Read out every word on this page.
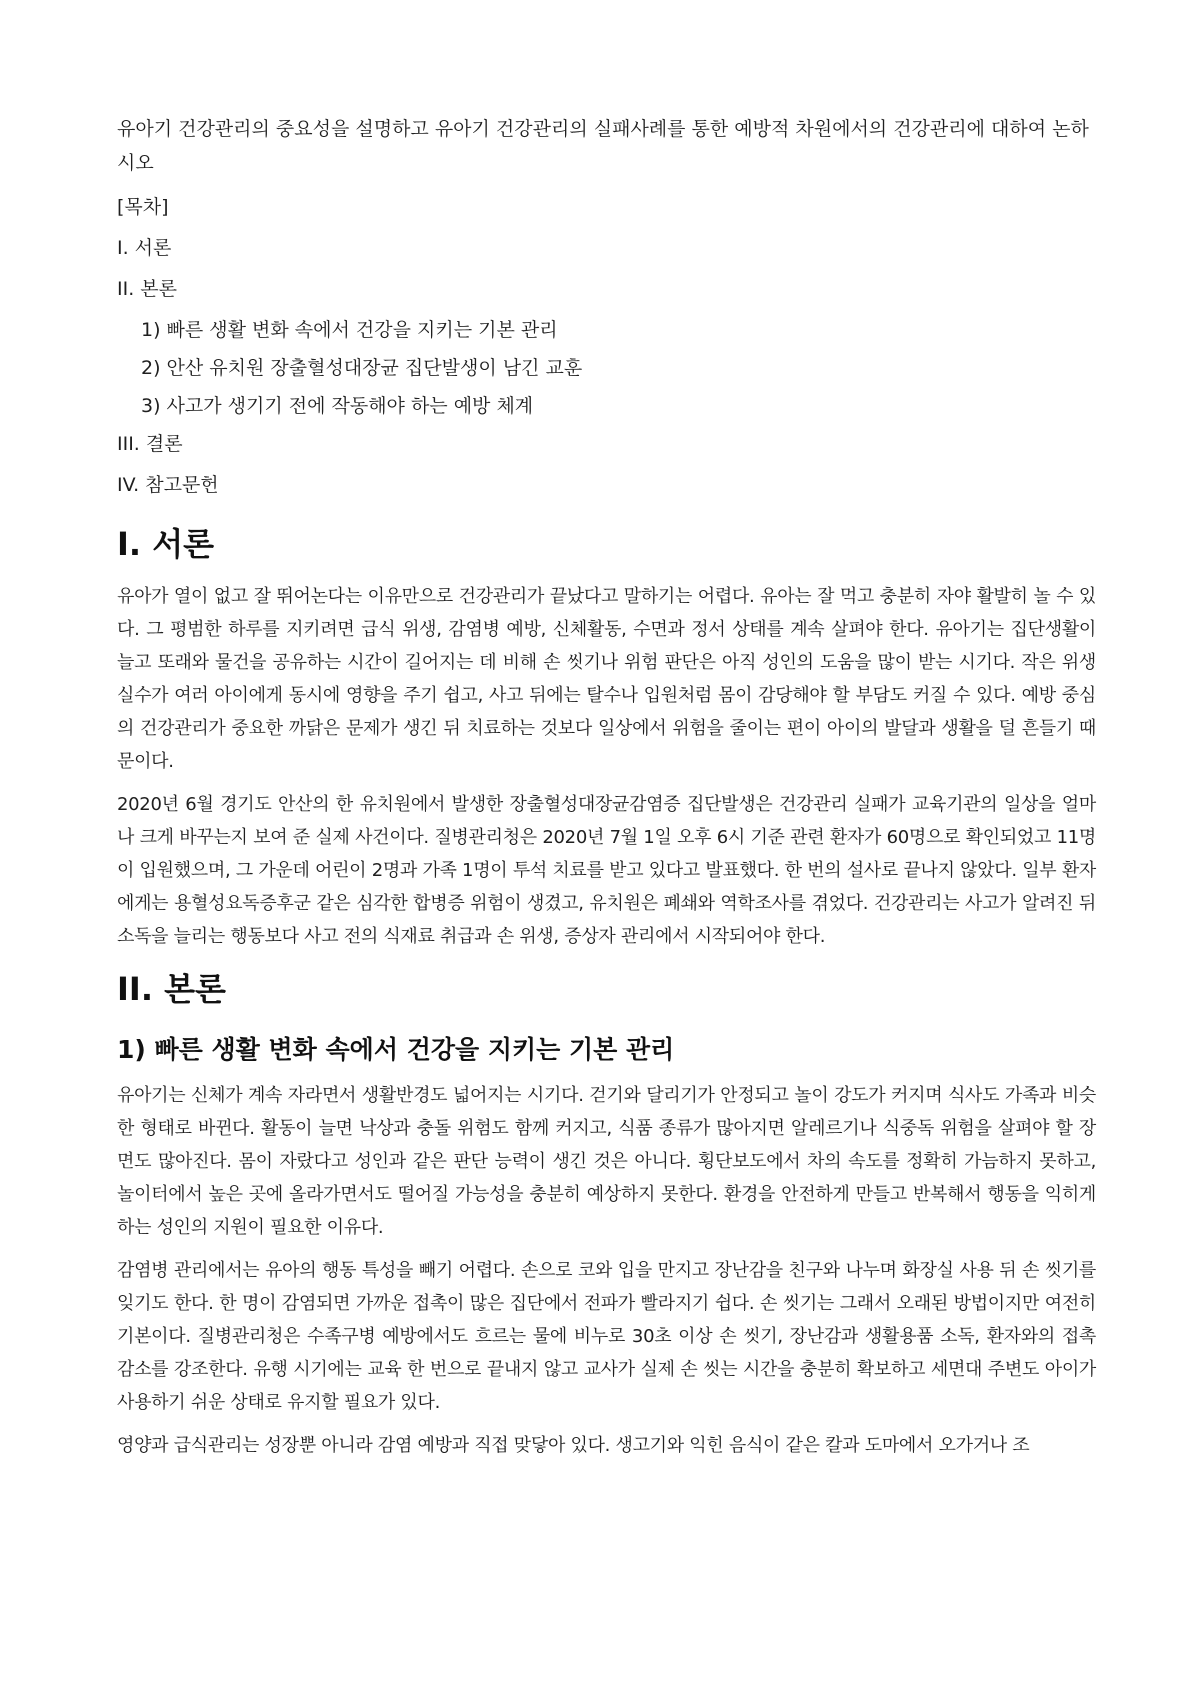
유아기 건강관리의 중요성을 설명하고 유아기 건강관리의 실패사례를 통한 예방적 차원에서의 건강관리에 대하여 논하시오

[목차]
I. 서론
II. 본론
1) 빠른 생활 변화 속에서 건강을 지키는 기본 관리
2) 안산 유치원 장출혈성대장균 집단발생이 남긴 교훈
3) 사고가 생기기 전에 작동해야 하는 예방 체계
III. 결론
IV. 참고문헌
I. 서론

유아가 열이 없고 잘 뛰어논다는 이유만으로 건강관리가 끝났다고 말하기는 어렵다. 유아는 잘 먹고 충분히 자야 활발히 놀 수 있다. 그 평범한 하루를 지키려면 급식 위생, 감염병 예방, 신체활동, 수면과 정서 상태를 계속 살펴야 한다. 유아기는 집단생활이 늘고 또래와 물건을 공유하는 시간이 길어지는 데 비해 손 씻기나 위험 판단은 아직 성인의 도움을 많이 받는 시기다. 작은 위생 실수가 여러 아이에게 동시에 영향을 주기 쉽고, 사고 뒤에는 탈수나 입원처럼 몸이 감당해야 할 부담도 커질 수 있다. 예방 중심의 건강관리가 중요한 까닭은 문제가 생긴 뒤 치료하는 것보다 일상에서 위험을 줄이는 편이 아이의 발달과 생활을 덜 흔들기 때문이다.

2020년 6월 경기도 안산의 한 유치원에서 발생한 장출혈성대장균감염증 집단발생은 건강관리 실패가 교육기관의 일상을 얼마나 크게 바꾸는지 보여 준 실제 사건이다. 질병관리청은 2020년 7월 1일 오후 6시 기준 관련 환자가 60명으로 확인되었고 11명이 입원했으며, 그 가운데 어린이 2명과 가족 1명이 투석 치료를 받고 있다고 발표했다. 한 번의 설사로 끝나지 않았다. 일부 환자에게는 용혈성요독증후군 같은 심각한 합병증 위험이 생겼고, 유치원은 폐쇄와 역학조사를 겪었다. 건강관리는 사고가 알려진 뒤 소독을 늘리는 행동보다 사고 전의 식재료 취급과 손 위생, 증상자 관리에서 시작되어야 한다.

II. 본론
1) 빠른 생활 변화 속에서 건강을 지키는 기본 관리

유아기는 신체가 계속 자라면서 생활반경도 넓어지는 시기다. 걷기와 달리기가 안정되고 놀이 강도가 커지며 식사도 가족과 비슷한 형태로 바뀐다. 활동이 늘면 낙상과 충돌 위험도 함께 커지고, 식품 종류가 많아지면 알레르기나 식중독 위험을 살펴야 할 장면도 많아진다. 몸이 자랐다고 성인과 같은 판단 능력이 생긴 것은 아니다. 횡단보도에서 차의 속도를 정확히 가늠하지 못하고, 놀이터에서 높은 곳에 올라가면서도 떨어질 가능성을 충분히 예상하지 못한다. 환경을 안전하게 만들고 반복해서 행동을 익히게 하는 성인의 지원이 필요한 이유다.

감염병 관리에서는 유아의 행동 특성을 빼기 어렵다. 손으로 코와 입을 만지고 장난감을 친구와 나누며 화장실 사용 뒤 손 씻기를 잊기도 한다. 한 명이 감염되면 가까운 접촉이 많은 집단에서 전파가 빨라지기 쉽다. 손 씻기는 그래서 오래된 방법이지만 여전히 기본이다. 질병관리청은 수족구병 예방에서도 흐르는 물에 비누로 30초 이상 손 씻기, 장난감과 생활용품 소독, 환자와의 접촉 감소를 강조한다. 유행 시기에는 교육 한 번으로 끝내지 않고 교사가 실제 손 씻는 시간을 충분히 확보하고 세면대 주변도 아이가 사용하기 쉬운 상태로 유지할 필요가 있다.

영양과 급식관리는 성장뿐 아니라 감염 예방과 직접 맞닿아 있다. 생고기와 익힌 음식이 같은 칼과 도마에서 오가거나 조
